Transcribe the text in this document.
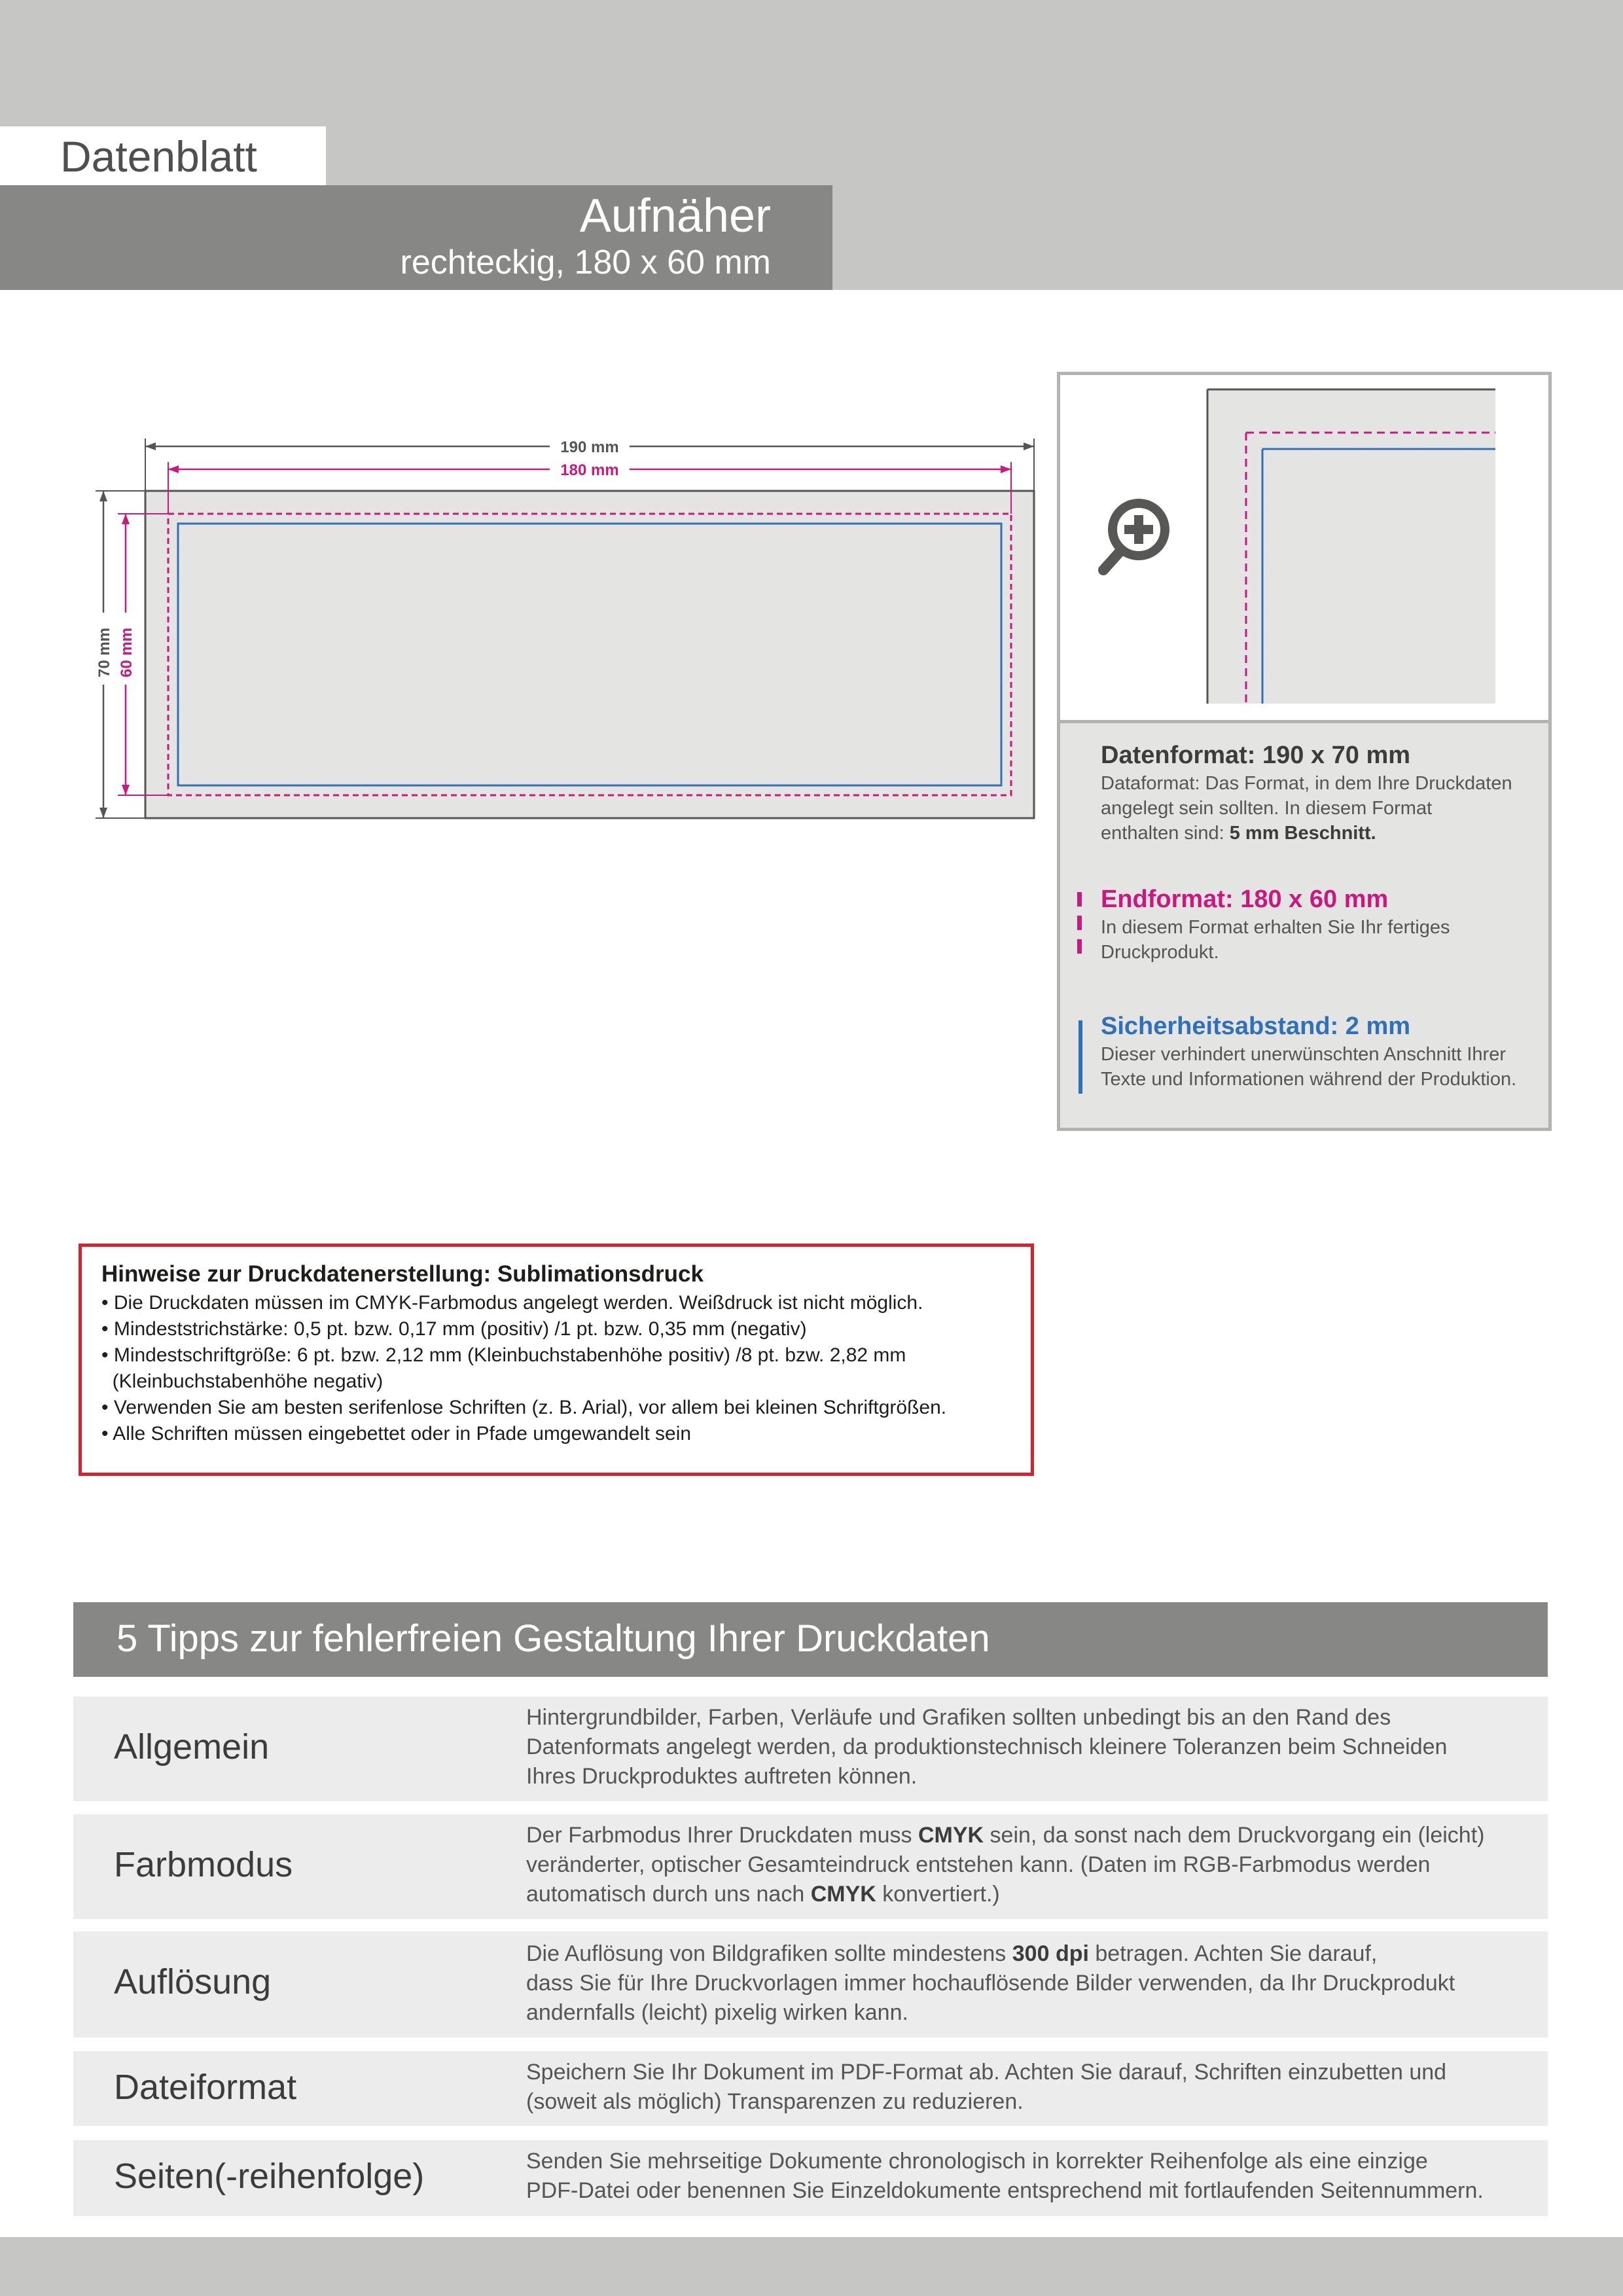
Datenblatt
Aufnäher
rechteckig, 180 x 60 mm
190 mm
180 mm
70 mm 60 mm
Datenformat: 190 x 70 mm
Dataformat: Das Format, in dem Ihre Druckdaten
angelegt sein sollten. In diesem Format
enthalten sind: 5 mm Beschnitt.
Endformat: 180 x 60 mm
In diesem Format erhalten Sie Ihr fertiges
Druckprodukt.
Sicherheitsabstand: 2 mm
Dieser verhindert unerwünschten Anschnitt Ihrer
Texte und Informationen während der Produktion.
Hinweise zur Druckdatenerstellung: Sublimationsdruck
• Die Druckdaten müssen im CMYK-Farbmodus angelegt werden. Weißdruck ist nicht möglich.
• Mindeststrichstärke: 0,5 pt. bzw. 0,17 mm (positiv) /1 pt. bzw. 0,35 mm (negativ)
• Mindestschriftgröße: 6 pt. bzw. 2,12 mm (Kleinbuchstabenhöhe positiv) /8 pt. bzw. 2,82 mm
(Kleinbuchstabenhöhe negativ)
• Verwenden Sie am besten serifenlose Schriften (z. B. Arial), vor allem bei kleinen Schriftgrößen.
• Alle Schriften müssen eingebettet oder in Pfade umgewandelt sein
5 Tipps zur fehlerfreien Gestaltung Ihrer Druckdaten
Allgemein
Hintergrundbilder, Farben, Verläufe und Grafiken sollten unbedingt bis an den Rand des
Datenformats angelegt werden, da produktionstechnisch kleinere Toleranzen beim Schneiden
Ihres Druckproduktes auftreten können.
Farbmodus
Der Farbmodus Ihrer Druckdaten muss CMYK sein, da sonst nach dem Druckvorgang ein (leicht)
veränderter, optischer Gesamteindruck entstehen kann. (Daten im RGB-Farbmodus werden
automatisch durch uns nach CMYK konvertiert.)
Auflösung
Die Auflösung von Bildgrafiken sollte mindestens 300 dpi betragen. Achten Sie darauf,
dass Sie für Ihre Druckvorlagen immer hochauflösende Bilder verwenden, da Ihr Druckprodukt
andernfalls (leicht) pixelig wirken kann.
Dateiformat	Speichern Sie Ihr Dokument im PDF-Format ab. Achten Sie darauf, Schriften einzubetten und
(soweit als möglich) Transparenzen zu reduzieren.
Seiten(-reihenfolge)	Senden Sie mehrseitige Dokumente chronologisch in korrekter Reihenfolge als eine einzige
PDF-Datei oder benennen Sie Einzeldokumente entsprechend mit fortlaufenden Seitennummern.
